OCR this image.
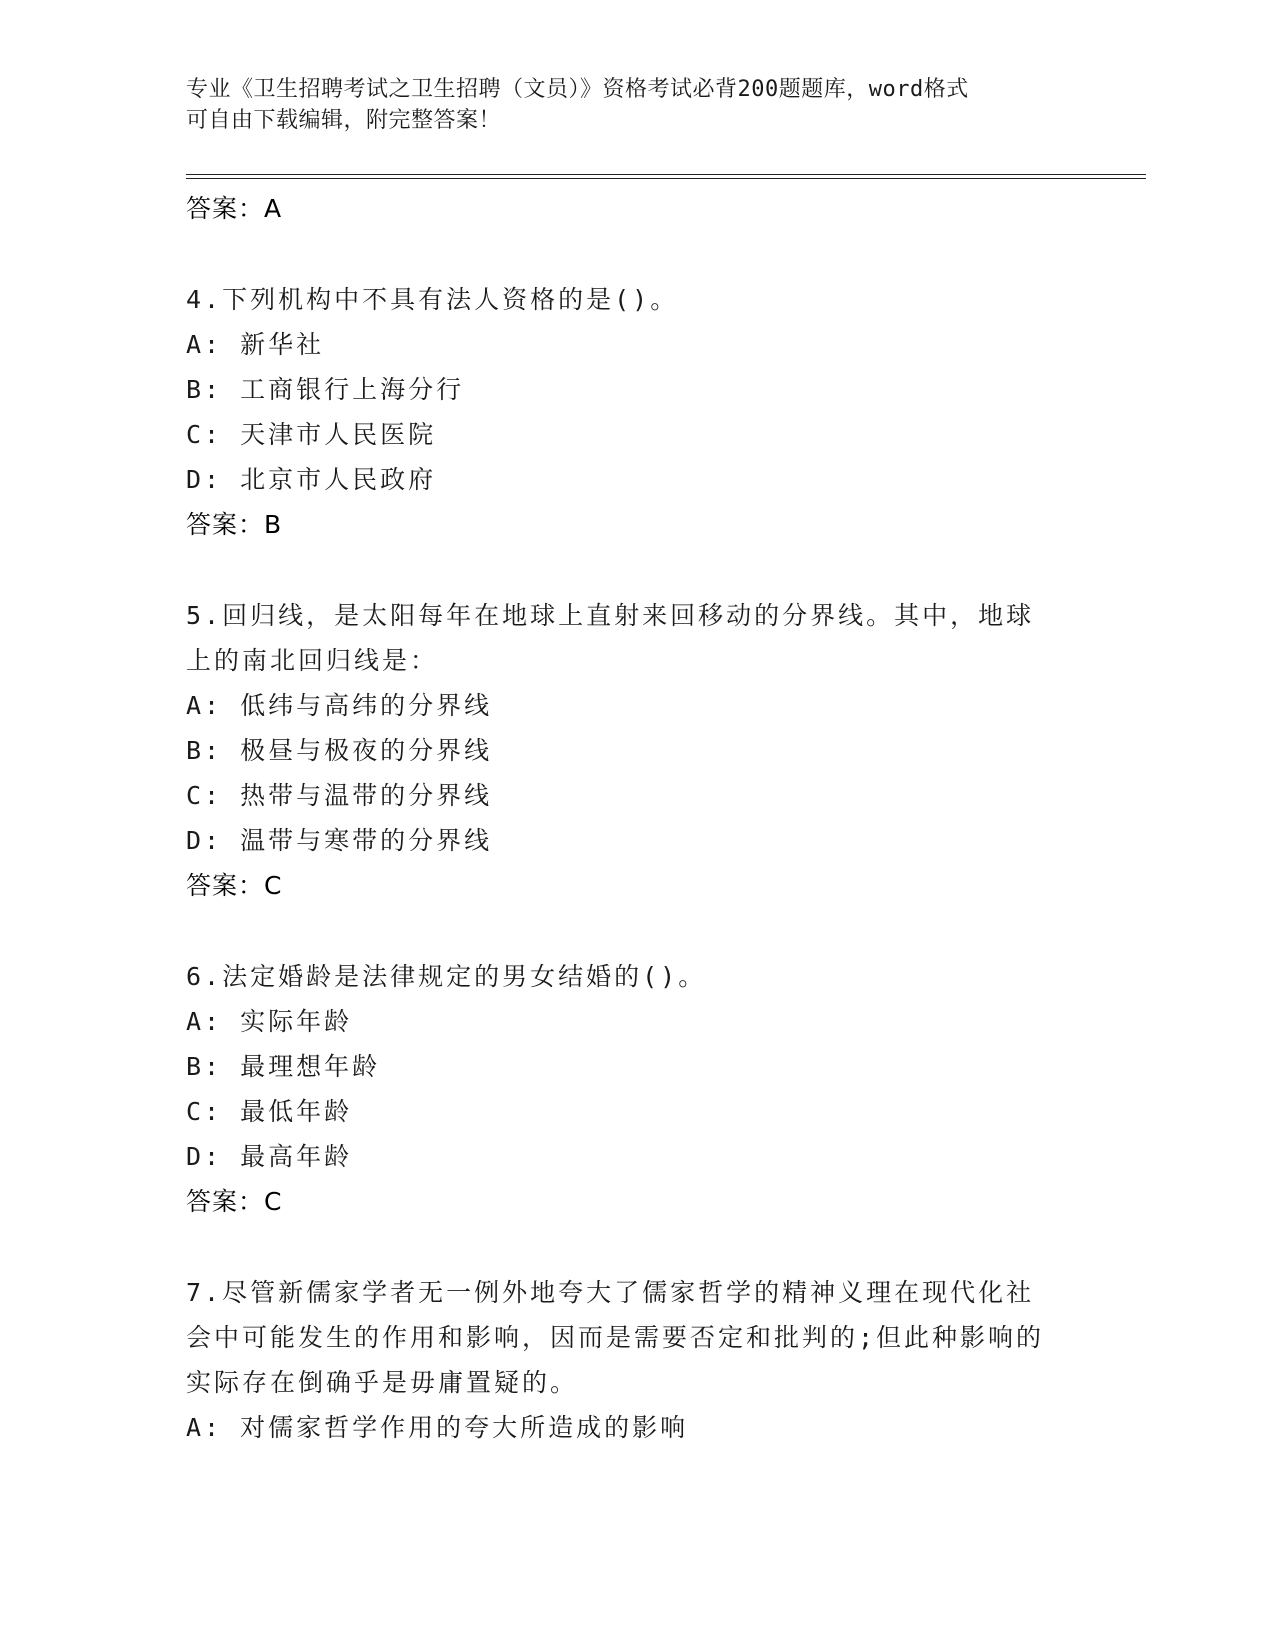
专业《卫生招聘考试之卫生招聘（文员）》资格考试必背200题题库，word格式
可自由下载编辑，附完整答案！
答案：A
4.下列机构中不具有法人资格的是()。
A: 新华社
B: 工商银行上海分行
C: 天津市人民医院
D: 北京市人民政府
答案：B
5.回归线，是太阳每年在地球上直射来回移动的分界线。其中，地球
上的南北回归线是：
A: 低纬与高纬的分界线
B: 极昼与极夜的分界线
C: 热带与温带的分界线
D: 温带与寒带的分界线
答案：C
6.法定婚龄是法律规定的男女结婚的()。
A: 实际年龄
B: 最理想年龄
C: 最低年龄
D: 最高年龄
答案：C
7.尽管新儒家学者无一例外地夸大了儒家哲学的精神义理在现代化社
会中可能发生的作用和影响，因而是需要否定和批判的;但此种影响的
实际存在倒确乎是毋庸置疑的。
A: 对儒家哲学作用的夸大所造成的影响
